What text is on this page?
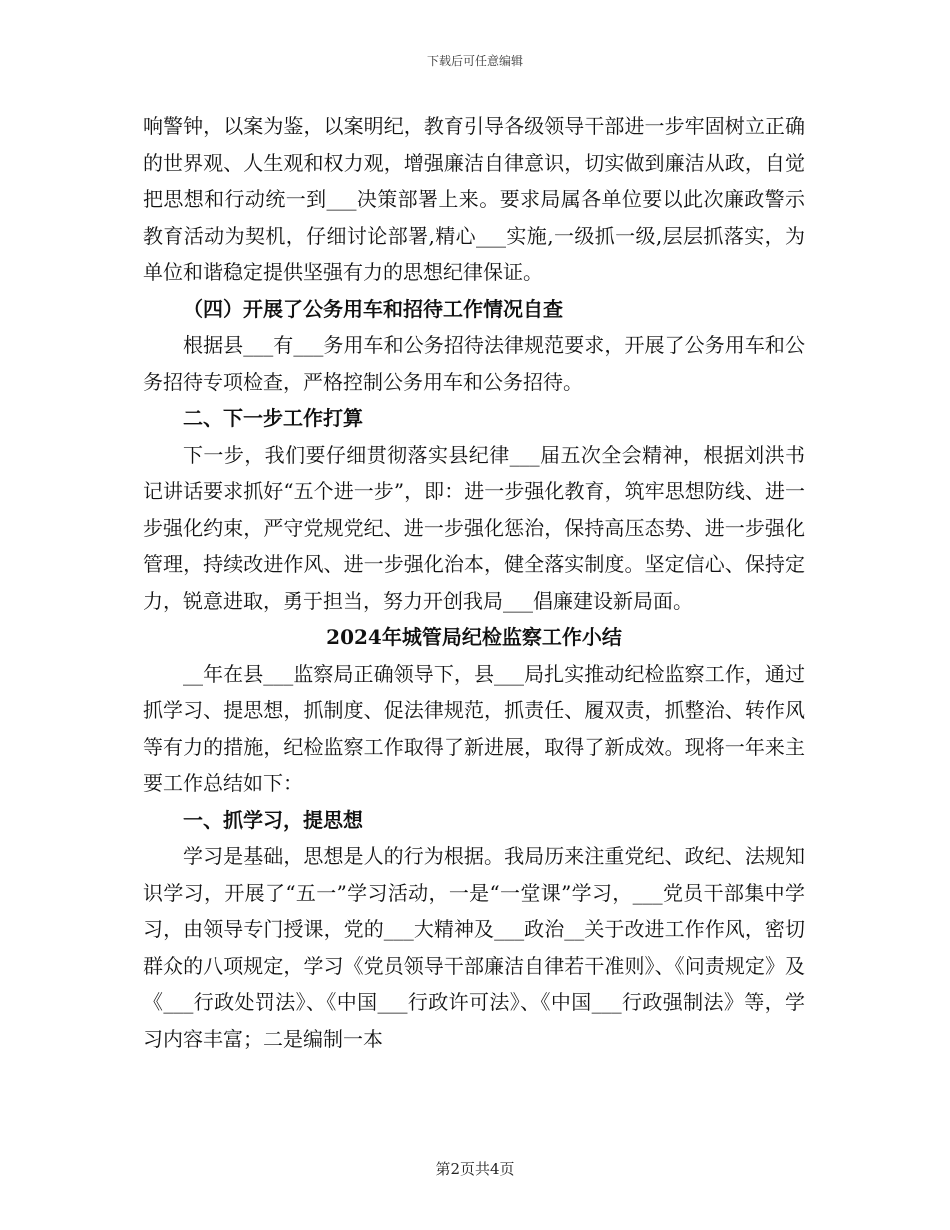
下载后可任意编辑

响警钟，以案为鉴，以案明纪，教育引导各级领导干部进一步牢固树立正确的世界观、人生观和权力观，增强廉洁自律意识，切实做到廉洁从政，自觉把思想和行动统一到___决策部署上来。要求局属各单位要以此次廉政警示教育活动为契机，仔细讨论部署,精心___实施,一级抓一级,层层抓落实，为单位和谐稳定提供坚强有力的思想纪律保证。

（四）开展了公务用车和招待工作情况自查

根据县___有___务用车和公务招待法律规范要求，开展了公务用车和公务招待专项检查，严格控制公务用车和公务招待。

二、下一步工作打算

下一步，我们要仔细贯彻落实县纪律___届五次全会精神，根据刘洪书记讲话要求抓好“五个进一步”，即：进一步强化教育，筑牢思想防线、进一步强化约束，严守党规党纪、进一步强化惩治，保持高压态势、进一步强化管理，持续改进作风、进一步强化治本，健全落实制度。坚定信心、保持定力，锐意进取，勇于担当，努力开创我局___倡廉建设新局面。

2024年城管局纪检监察工作小结

__年在县___监察局正确领导下，县___局扎实推动纪检监察工作，通过抓学习、提思想，抓制度、促法律规范，抓责任、履双责，抓整治、转作风等有力的措施，纪检监察工作取得了新进展，取得了新成效。现将一年来主要工作总结如下：

一、抓学习，提思想

学习是基础，思想是人的行为根据。我局历来注重党纪、政纪、法规知识学习，开展了“五一”学习活动，一是“一堂课”学习，___党员干部集中学习，由领导专门授课，党的___大精神及___政治__关于改进工作作风，密切群众的八项规定，学习《党员领导干部廉洁自律若干准则》、《问责规定》及《___行政处罚法》、《中国___行政许可法》、《中国___行政强制法》等，学习内容丰富；二是编制一本

第2页共4页
